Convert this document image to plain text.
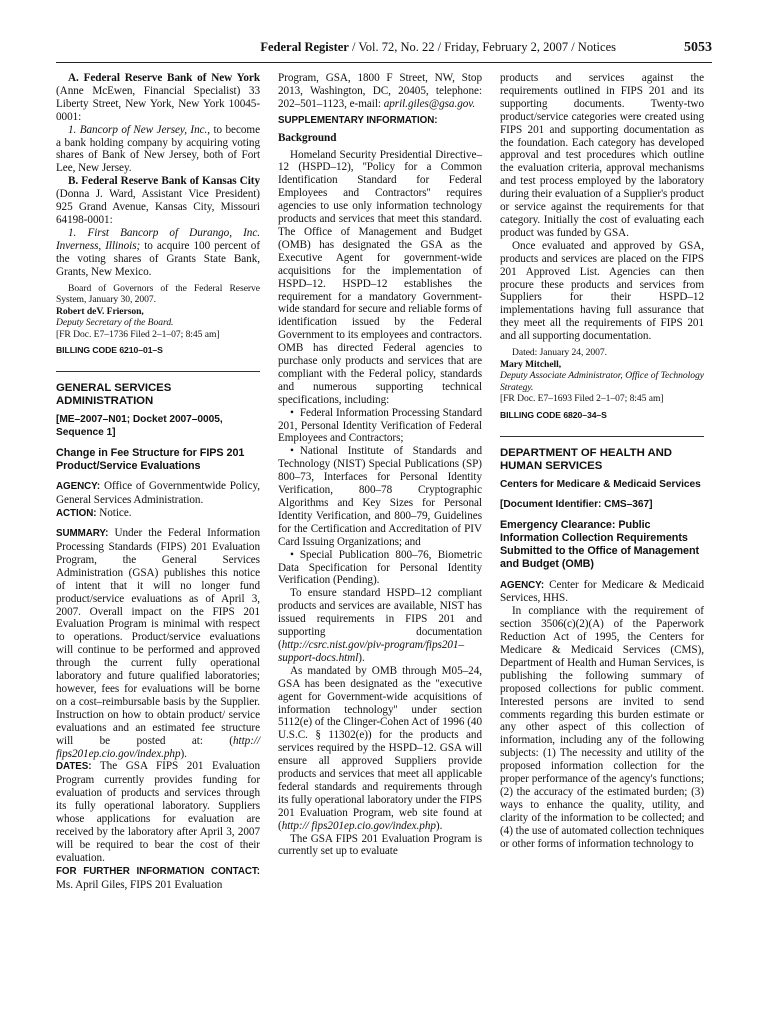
Federal Register / Vol. 72, No. 22 / Friday, February 2, 2007 / Notices	5053

A. Federal Reserve Bank of New York (Anne McEwen, Financial Specialist) 33 Liberty Street, New York, New York 10045-0001:

1. Bancorp of New Jersey, Inc., to become a bank holding company by acquiring voting shares of Bank of New Jersey, both of Fort Lee, New Jersey.

B. Federal Reserve Bank of Kansas City (Donna J. Ward, Assistant Vice President) 925 Grand Avenue, Kansas City, Missouri 64198-0001:

1. First Bancorp of Durango, Inc. Inverness, Illinois; to acquire 100 percent of the voting shares of Grants State Bank, Grants, New Mexico.

Board of Governors of the Federal Reserve System, January 30, 2007.

Robert deV. Frierson,

Deputy Secretary of the Board.

[FR Doc. E7–1736 Filed 2–1–07; 8:45 am]

BILLING CODE 6210–01–S

GENERAL SERVICES ADMINISTRATION

[ME–2007–N01; Docket 2007–0005, Sequence 1]

Change in Fee Structure for FIPS 201 Product/Service Evaluations

AGENCY: Office of Governmentwide Policy, General Services Administration.

ACTION: Notice.

SUMMARY: Under the Federal Information Processing Standards (FIPS) 201 Evaluation Program, the General Services Administration (GSA) publishes this notice of intent that it will no longer fund product/service evaluations as of April 3, 2007. Overall impact on the FIPS 201 Evaluation Program is minimal with respect to operations. Product/service evaluations will continue to be performed and approved through the current fully operational laboratory and future qualified laboratories; however, fees for evaluations will be borne on a cost–reimbursable basis by the Supplier. Instruction on how to obtain product/ service evaluations and an estimated fee structure will be posted at: (http:// fips201ep.cio.gov/index.php).

DATES: The GSA FIPS 201 Evaluation Program currently provides funding for evaluation of products and services through its fully operational laboratory. Suppliers whose applications for evaluation are received by the laboratory after April 3, 2007 will be required to bear the cost of their evaluation.

FOR FURTHER INFORMATION CONTACT: Ms. April Giles, FIPS 201 Evaluation

Program, GSA, 1800 F Street, NW, Stop 2013, Washington, DC, 20405, telephone: 202–501–1123, e-mail: april.giles@gsa.gov.

SUPPLEMENTARY INFORMATION:

Background

Homeland Security Presidential Directive–12 (HSPD–12), ''Policy for a Common Identification Standard for Federal Employees and Contractors'' requires agencies to use only information technology products and services that meet this standard. The Office of Management and Budget (OMB) has designated the GSA as the Executive Agent for government-wide acquisitions for the implementation of HSPD–12. HSPD–12 establishes the requirement for a mandatory Government-wide standard for secure and reliable forms of identification issued by the Federal Government to its employees and contractors. OMB has directed Federal agencies to purchase only products and services that are compliant with the Federal policy, standards and numerous supporting technical specifications, including:

• Federal Information Processing Standard 201, Personal Identity Verification of Federal Employees and Contractors;

• National Institute of Standards and Technology (NIST) Special Publications (SP) 800–73, Interfaces for Personal Identity Verification, 800–78 Cryptographic Algorithms and Key Sizes for Personal Identity Verification, and 800–79, Guidelines for the Certification and Accreditation of PIV Card Issuing Organizations; and

• Special Publication 800–76, Biometric Data Specification for Personal Identity Verification (Pending).

To ensure standard HSPD–12 compliant products and services are available, NIST has issued requirements in FIPS 201 and supporting documentation (http://csrc.nist.gov/piv-program/fips201–support-docs.html).

As mandated by OMB through M05–24, GSA has been designated as the ''executive agent for Government-wide acquisitions of information technology'' under section 5112(e) of the Clinger-Cohen Act of 1996 (40 U.S.C. § 11302(e)) for the products and services required by the HSPD–12. GSA will ensure all approved Suppliers provide products and services that meet all applicable federal standards and requirements through its fully operational laboratory under the FIPS 201 Evaluation Program, web site found at (http:// fips201ep.cio.gov/index.php).

The GSA FIPS 201 Evaluation Program is currently set up to evaluate

products and services against the requirements outlined in FIPS 201 and its supporting documents. Twenty-two product/service categories were created using FIPS 201 and supporting documentation as the foundation. Each category has developed approval and test procedures which outline the evaluation criteria, approval mechanisms and test process employed by the laboratory during their evaluation of a Supplier's product or service against the requirements for that category. Initially the cost of evaluating each product was funded by GSA.

Once evaluated and approved by GSA, products and services are placed on the FIPS 201 Approved List. Agencies can then procure these products and services from Suppliers for their HSPD–12 implementations having full assurance that they meet all the requirements of FIPS 201 and all supporting documentation.

Dated: January 24, 2007.

Mary Mitchell,

Deputy Associate Administrator, Office of Technology Strategy.

[FR Doc. E7–1693 Filed 2–1–07; 8:45 am]

BILLING CODE 6820–34–S

DEPARTMENT OF HEALTH AND HUMAN SERVICES

Centers for Medicare & Medicaid Services

[Document Identifier: CMS–367]

Emergency Clearance: Public Information Collection Requirements Submitted to the Office of Management and Budget (OMB)

AGENCY: Center for Medicare & Medicaid Services, HHS.

In compliance with the requirement of section 3506(c)(2)(A) of the Paperwork Reduction Act of 1995, the Centers for Medicare & Medicaid Services (CMS), Department of Health and Human Services, is publishing the following summary of proposed collections for public comment. Interested persons are invited to send comments regarding this burden estimate or any other aspect of this collection of information, including any of the following subjects: (1) The necessity and utility of the proposed information collection for the proper performance of the agency's functions; (2) the accuracy of the estimated burden; (3) ways to enhance the quality, utility, and clarity of the information to be collected; and (4) the use of automated collection techniques or other forms of information technology to
